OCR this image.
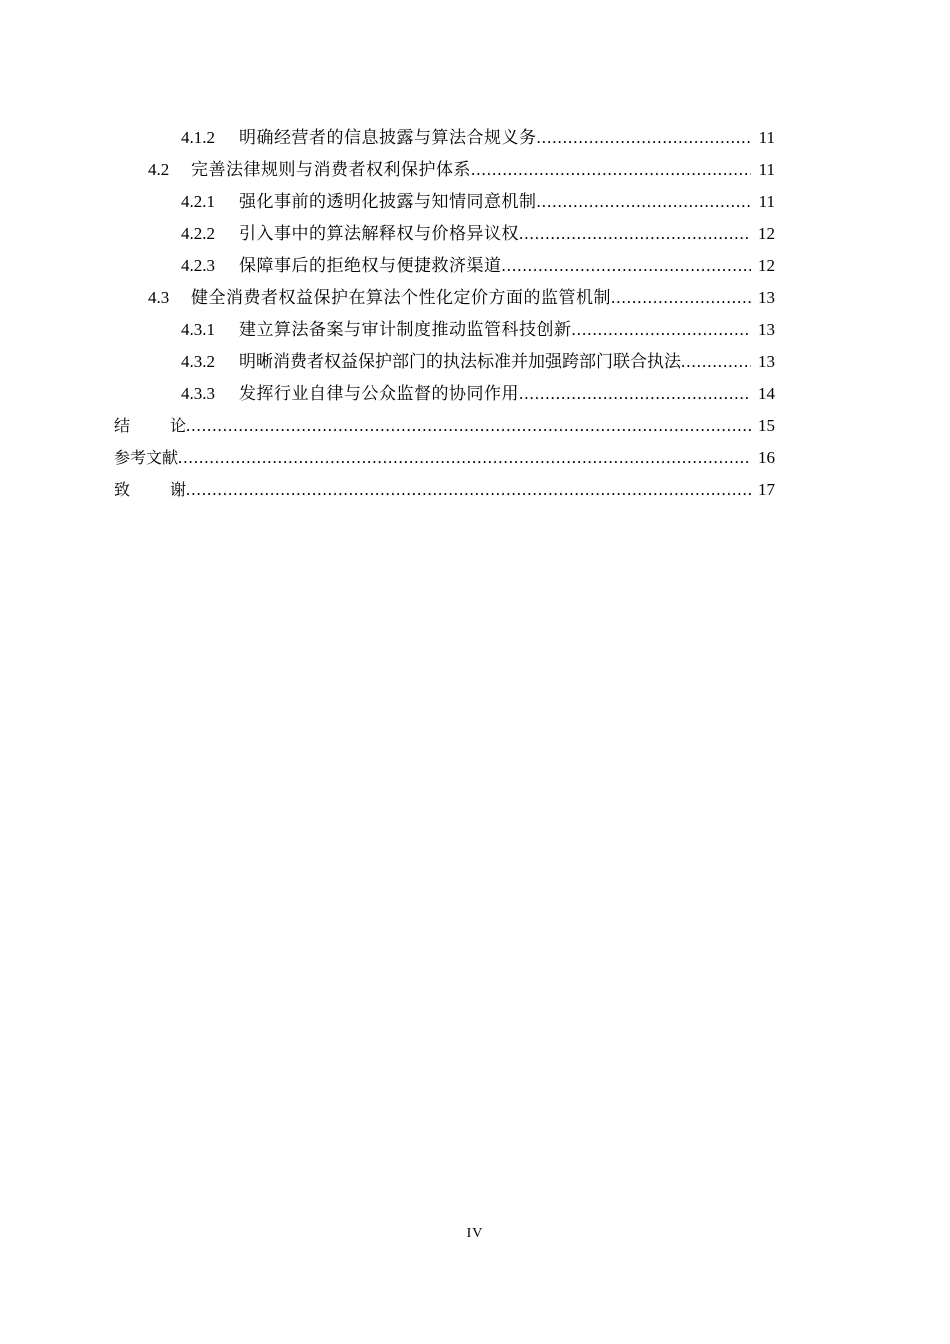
4.1.2	明确经营者的信息披露与算法合规义务 .....	11
4.2	完善法律规则与消费者权利保护体系 .....	11
4.2.1	强化事前的透明化披露与知情同意机制 .....	11
4.2.2	引入事中的算法解释权与价格异议权 .....	12
4.2.3	保障事后的拒绝权与便捷救济渠道 .....	12
4.3	健全消费者权益保护在算法个性化定价方面的监管机制 .....	13
4.3.1	建立算法备案与审计制度推动监管科技创新 .....	13
4.3.2	明晰消费者权益保护部门的执法标准并加强跨部门联合执法 .....	13
4.3.3	发挥行业自律与公众监督的协同作用 .....	14
结	论 .....	15
参考文献 .....	16
致	谢 .....	17
IV
